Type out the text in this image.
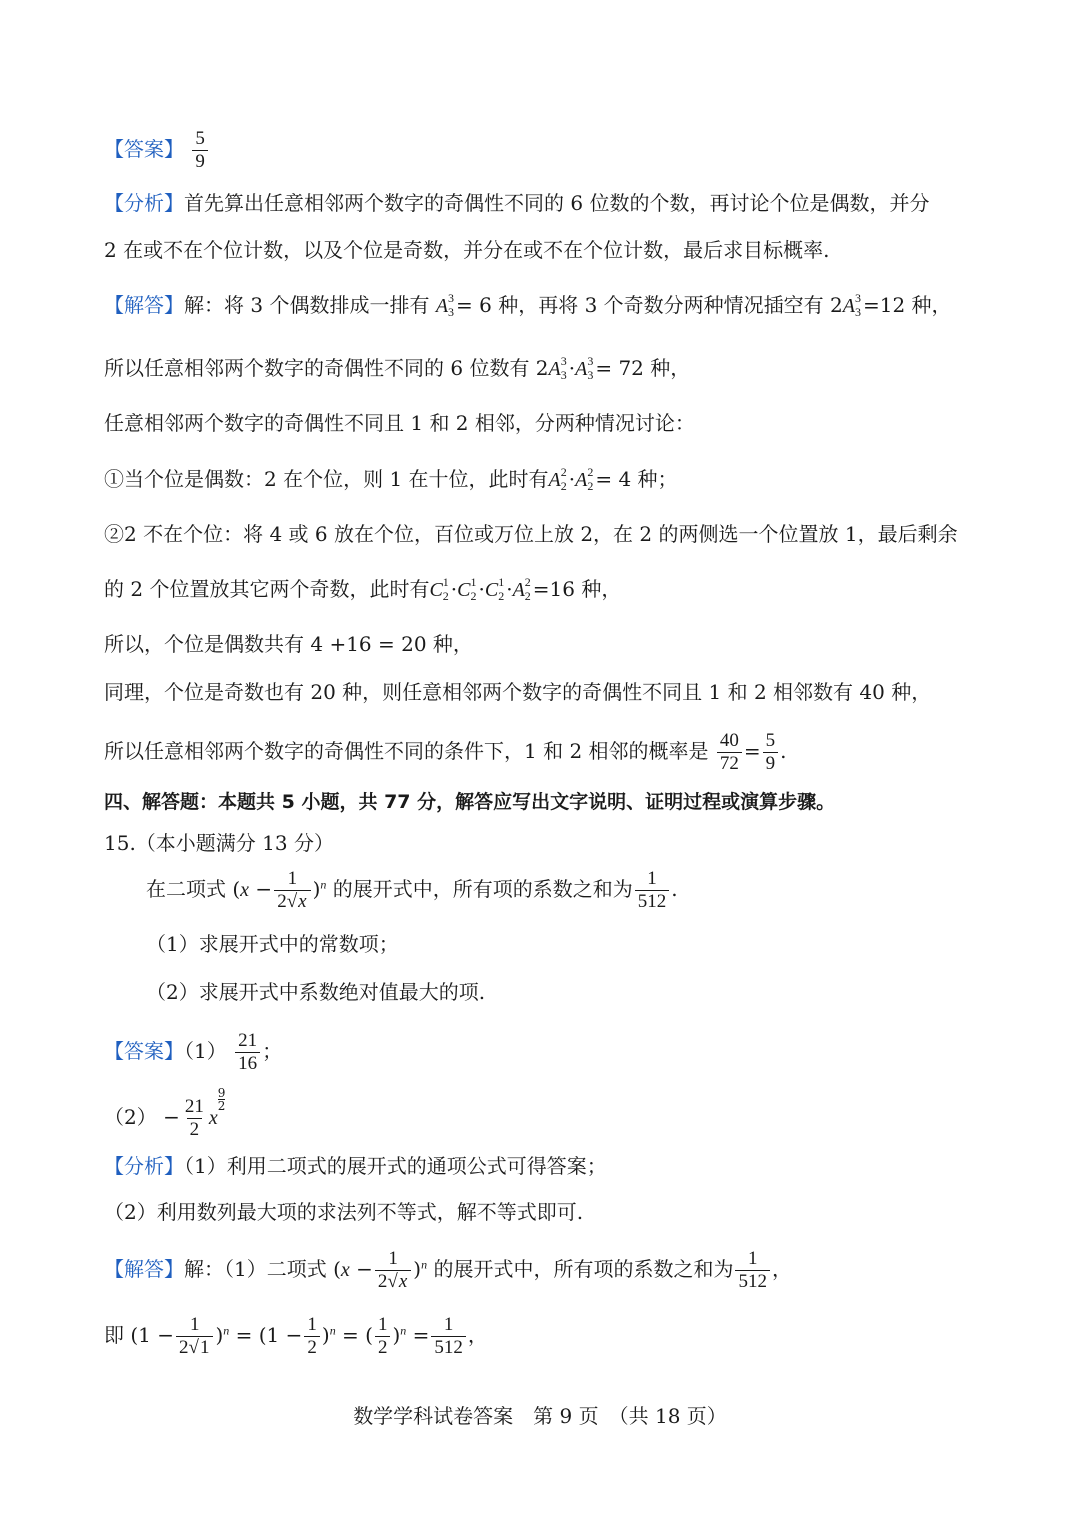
【答案】 $\frac{5}{9}$
【分析】首先算出任意相邻两个数字的奇偶性不同的 6 位数的个数，再讨论个位是偶数，并分
2 在或不在个位计数，以及个位是奇数，并分在或不在个位计数，最后求目标概率.
【解答】解：将 3 个偶数排成一排有 A 3
3 = 6 种，再将 3 个奇数分两种情况插空有 2A 3
3 =12 种，
所以任意相邻两个数字的奇偶性不同的 6 位数有 2A 3
3 ·A 3
3 = 72 种，
任意相邻两个数字的奇偶性不同且 1 和 2 相邻，分两种情况讨论：
①当个位是偶数：2 在个位，则 1 在十位，此时有A 2
2 ·A 2
2 = 4 种；
②2 不在个位：将 4 或 6 放在个位，百位或万位上放 2，在 2 的两侧选一个位置放 1，最后剩余
的 2 个位置放其它两个奇数，此时有C 1
2 ·C 1
2 ·C 1
2 ·A 2
2 =16 种，
所以，个位是偶数共有 4 +16 = 20 种，
同理，个位是奇数也有 20 种，则任意相邻两个数字的奇偶性不同且 1 和 2 相邻数有 40 种，
所以任意相邻两个数字的奇偶性不同的条件下，1 和 2 相邻的概率是 $\frac{40}{72} = \frac{5}{9}$ .
四、解答题：本题共 5 小题，共 77 分，解答应写出文字说明、证明过程或演算步骤。
15.（本小题满分 13 分）
在二项式 $(x - \frac{1}{2√x} )^n$ 的展开式中，所有项的系数之和为 $\frac{1}{512}$ .
（1）求展开式中的常数项；
（2）求展开式中系数绝对值最大的项.
【答案】$(1) \frac{21}{16}$ ；
$(2) - \frac{21}{2}$ x
9
2
【分析】（1）利用二项式的展开式的通项公式可得答案；
（2）利用数列最大项的求法列不等式，解不等式即可.
【解答】解：（1）二项式 $(x - \frac{1}{2√x} )^n$ 的展开式中，所有项的系数之和为 $\frac{1}{512}$ ，
即 $(1 - \frac{1}{2√1} )^n = (1 - \frac{1}{2} )^n$ = ( $\frac{1}{2} )^n = \frac{1}{512}$ ，
数学学科试卷答案　第 9 页　（共 18 页）
